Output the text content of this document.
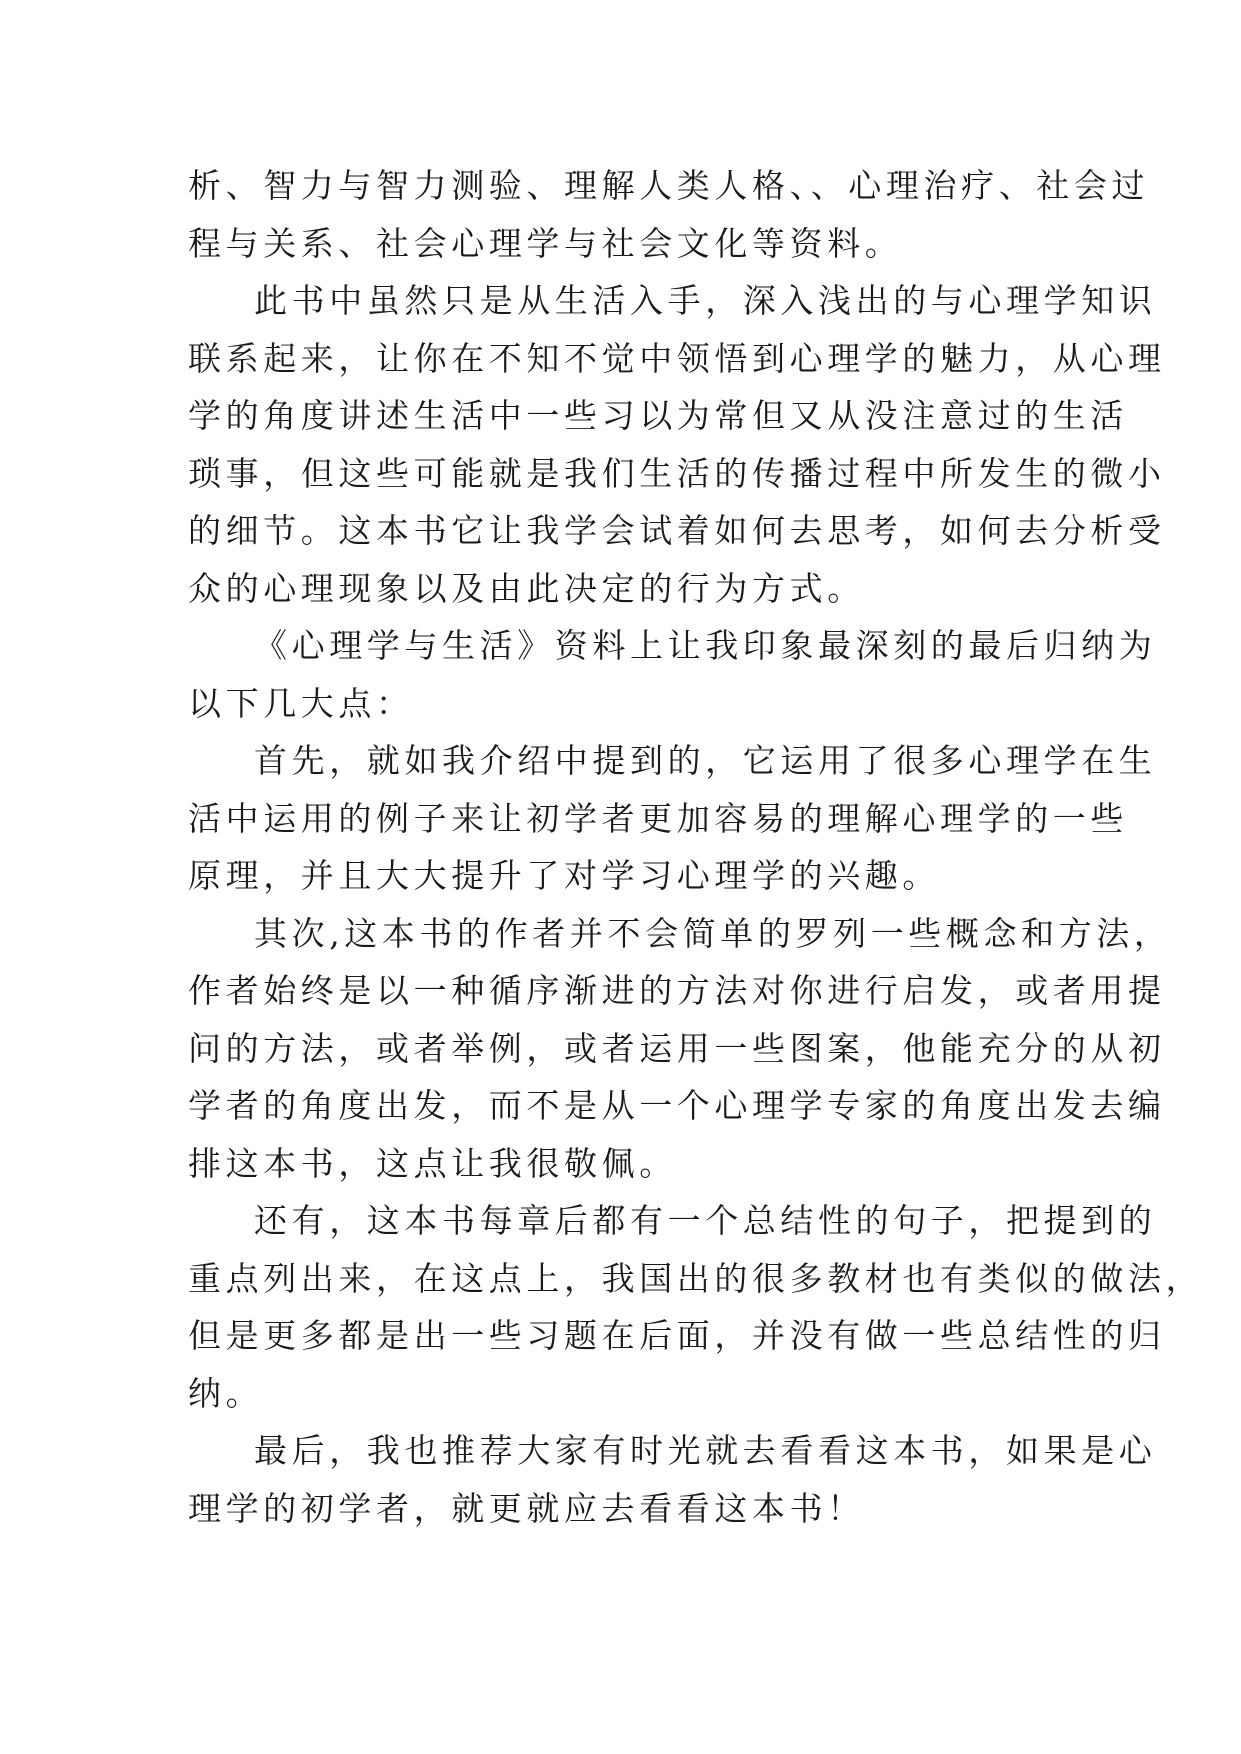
析、智力与智力测验、理解人类人格、、心理治疗、社会过
程与关系、社会心理学与社会文化等资料。
此书中虽然只是从生活入手，深入浅出的与心理学知识
联系起来，让你在不知不觉中领悟到心理学的魅力，从心理
学的角度讲述生活中一些习以为常但又从没注意过的生活
琐事，但这些可能就是我们生活的传播过程中所发生的微小
的细节。这本书它让我学会试着如何去思考，如何去分析受
众的心理现象以及由此决定的行为方式。
《心理学与生活》资料上让我印象最深刻的最后归纳为
以下几大点：
首先，就如我介绍中提到的，它运用了很多心理学在生
活中运用的例子来让初学者更加容易的理解心理学的一些
原理，并且大大提升了对学习心理学的兴趣。
其次,这本书的作者并不会简单的罗列一些概念和方法，
作者始终是以一种循序渐进的方法对你进行启发，或者用提
问的方法，或者举例，或者运用一些图案，他能充分的从初
学者的角度出发，而不是从一个心理学专家的角度出发去编
排这本书，这点让我很敬佩。
还有，这本书每章后都有一个总结性的句子，把提到的
重点列出来，在这点上，我国出的很多教材也有类似的做法，
但是更多都是出一些习题在后面，并没有做一些总结性的归
纳。
最后，我也推荐大家有时光就去看看这本书，如果是心
理学的初学者，就更就应去看看这本书！
